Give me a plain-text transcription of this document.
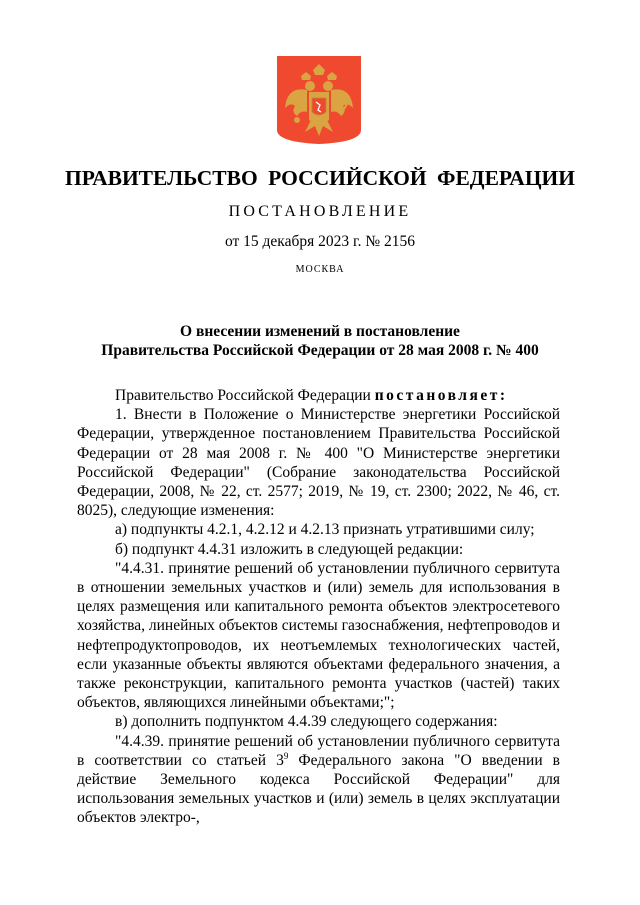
ПРАВИТЕЛЬСТВО РОССИЙСКОЙ ФЕДЕРАЦИИ
ПОСТАНОВЛЕНИЕ
от 15 декабря 2023 г. № 2156
МОСКВА
О внесении изменений в постановление
Правительства Российской Федерации от 28 мая 2008 г. № 400

Правительство Российской Федерации постановляет:

1. Внести в Положение о Министерстве энергетики Российской Федерации, утвержденное постановлением Правительства Российской Федерации от 28 мая 2008 г. № 400 "О Министерстве энергетики Российской Федерации" (Собрание законодательства Российской Федерации, 2008, № 22, ст. 2577; 2019, № 19, ст. 2300; 2022, № 46, ст. 8025), следующие изменения:

а) подпункты 4.2.1, 4.2.12 и 4.2.13 признать утратившими силу;

б) подпункт 4.4.31 изложить в следующей редакции:

"4.4.31. принятие решений об установлении публичного сервитута в отношении земельных участков и (или) земель для использования в целях размещения или капитального ремонта объектов электросетевого хозяйства, линейных объектов системы газоснабжения, нефтепроводов и нефтепродуктопроводов, их неотъемлемых технологических частей, если указанные объекты являются объектами федерального значения, а также реконструкции, капитального ремонта участков (частей) таких объектов, являющихся линейными объектами;";

в) дополнить подпунктом 4.4.39 следующего содержания:

"4.4.39. принятие решений об установлении публичного сервитута в соответствии со статьей $3^9$ Федерального закона "О введении в действие Земельного кодекса Российской Федерации" для использования земельных участков и (или) земель в целях эксплуатации объектов электро-,
